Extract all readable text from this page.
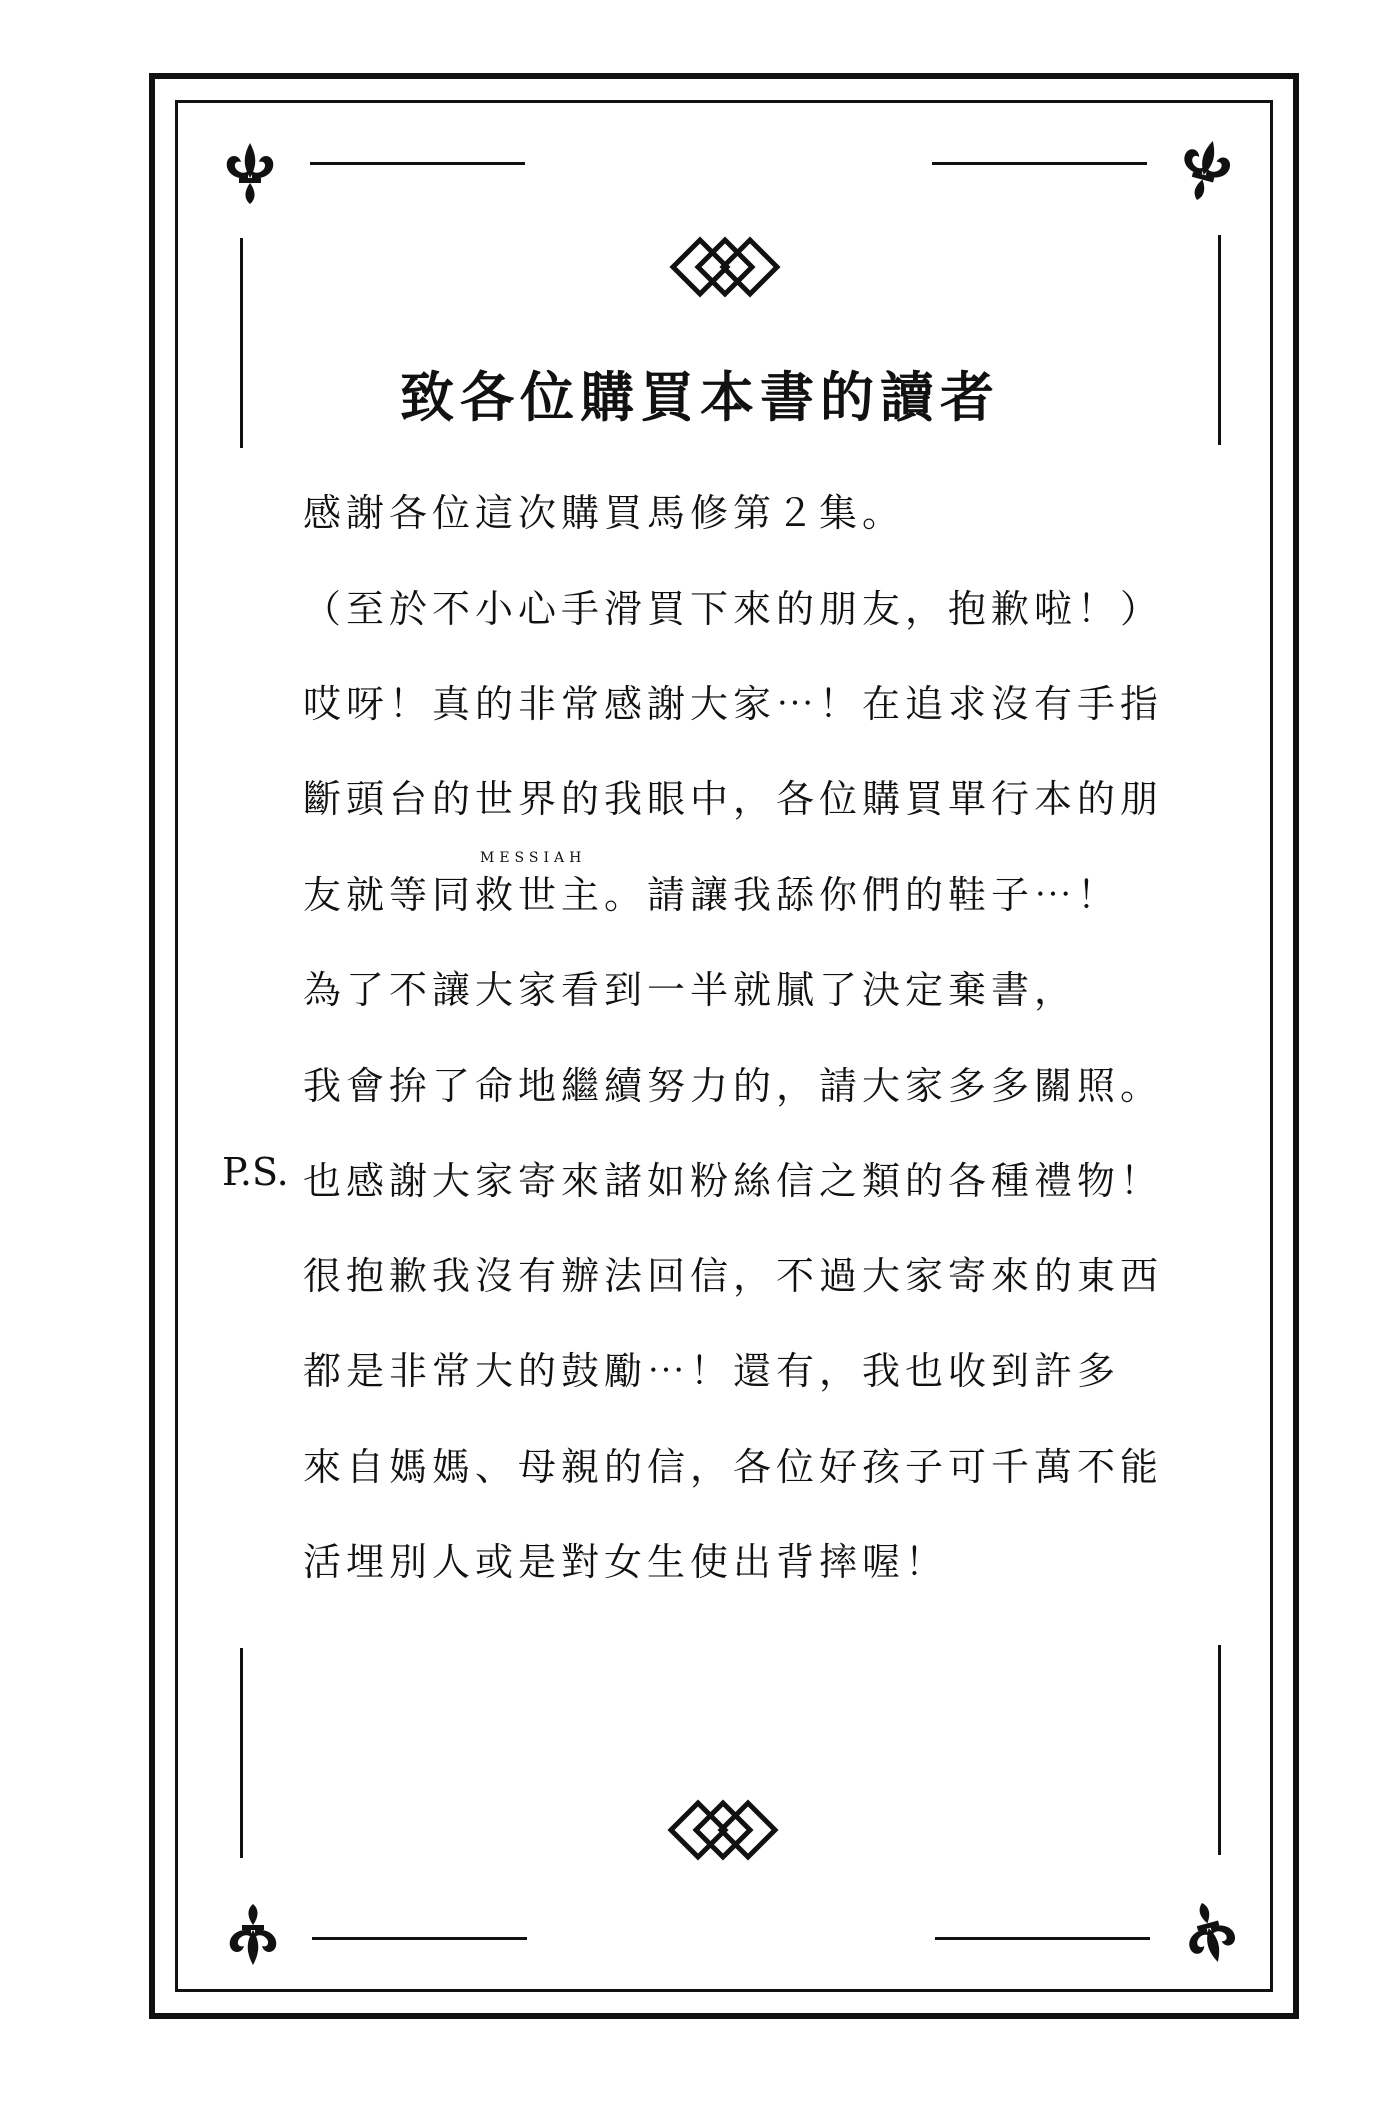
致各位購買本書的讀者
感謝各位這次購買馬修第２集。
（至於不小心手滑買下來的朋友，抱歉啦！）
哎呀！真的非常感謝大家⋯！在追求沒有手指
斷頭台的世界的我眼中，各位購買單行本的朋
MESSIAH
友就等同救世主。請讓我舔你們的鞋子⋯！
為了不讓大家看到一半就膩了決定棄書，
我會拚了命地繼續努力的，請大家多多關照。
P.S. 也感謝大家寄來諸如粉絲信之類的各種禮物！
很抱歉我沒有辦法回信，不過大家寄來的東西
都是非常大的鼓勵⋯！還有，我也收到許多
來自媽媽、母親的信，各位好孩子可千萬不能
活埋別人或是對女生使出背摔喔！
